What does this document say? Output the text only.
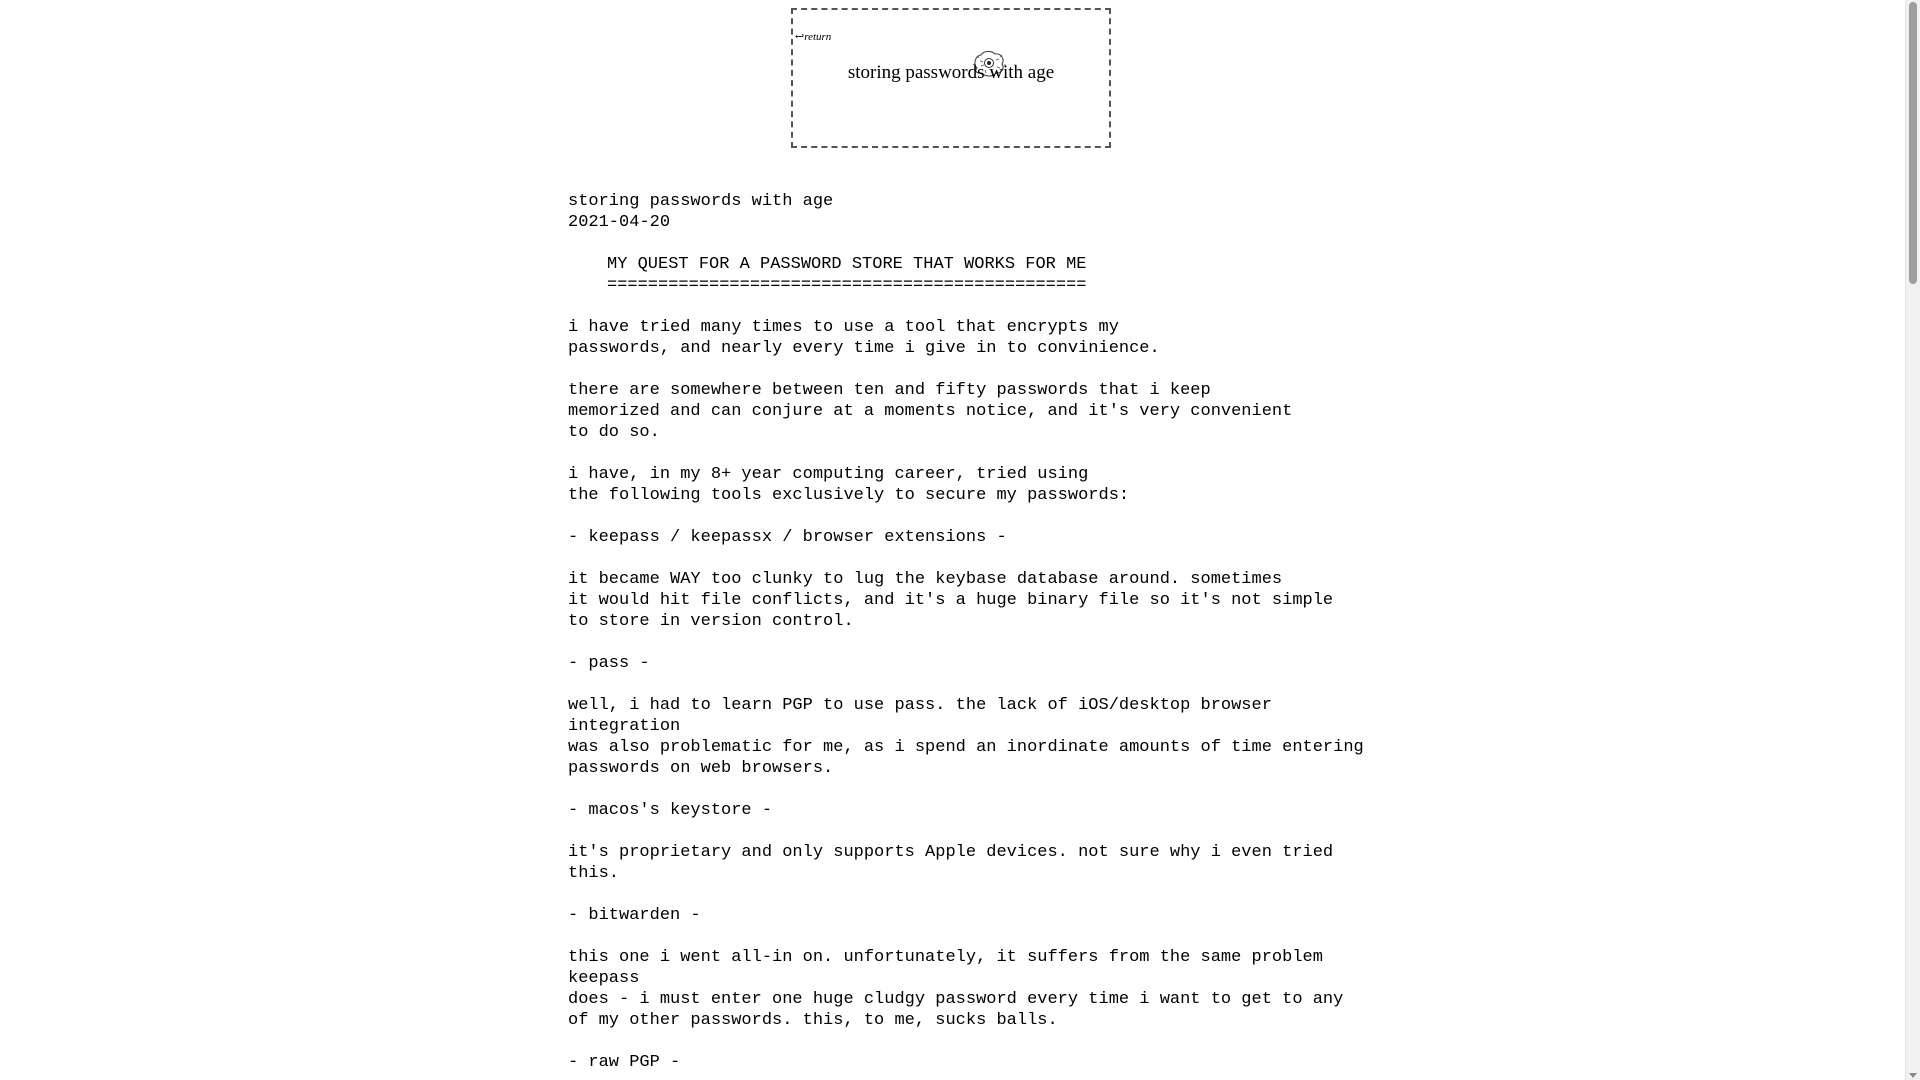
↩return
storing passwords with age
storing passwords with age
2021-04-20
MY QUEST FOR A PASSWORD STORE THAT WORKS FOR ME
===============================================
i have tried many times to use a tool that encrypts my
passwords, and nearly every time i give in to convinience.
there are somewhere between ten and fifty passwords that i keep
memorized and can conjure at a moments notice, and it's very convenient
to do so.
i have, in my 8+ year computing career, tried using
the following tools exclusively to secure my passwords:
- keepass / keepassx / browser extensions -
it became WAY too clunky to lug the keybase database around. sometimes
it would hit file conflicts, and it's a huge binary file so it's not simple
to store in version control.
- pass -
well, i had to learn PGP to use pass. the lack of iOS/desktop browser
integration
was also problematic for me, as i spend an inordinate amounts of time entering
passwords on web browsers.
- macos's keystore -
it's proprietary and only supports Apple devices. not sure why i even tried
this.
- bitwarden -
this one i went all-in on. unfortunately, it suffers from the same problem
keepass
does - i must enter one huge cludgy password every time i want to get to any
of my other passwords. this, to me, sucks balls.
- raw PGP -
